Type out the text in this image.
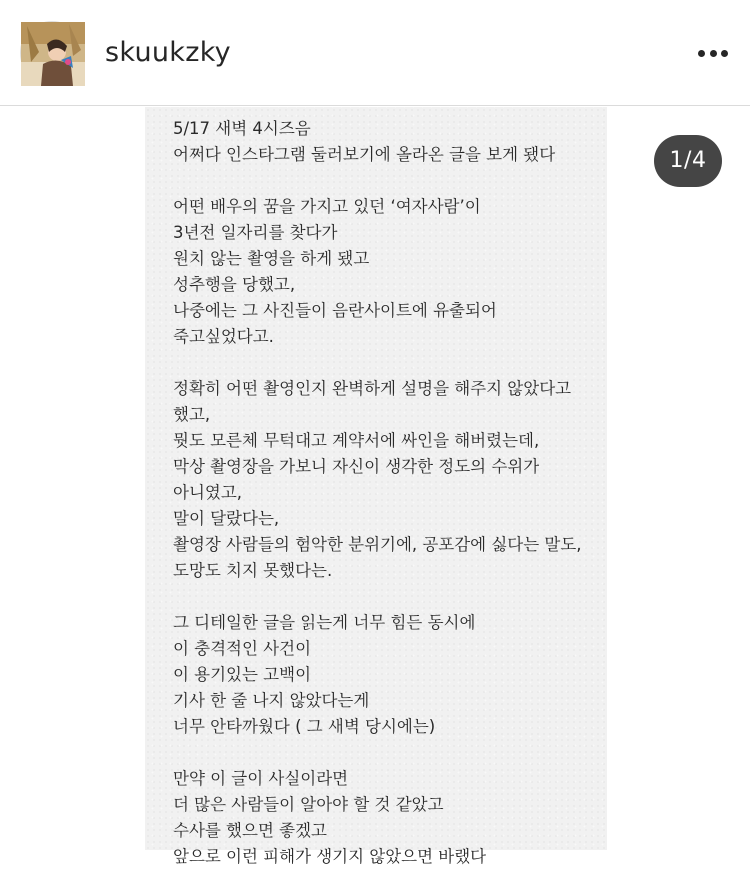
skuukzky
5/17 새벽 4시즈음
어쩌다 인스타그램 둘러보기에 올라온 글을 보게 됐다
어떤 배우의 꿈을 가지고 있던 ‘여자사람’이
3년전 일자리를 찾다가
원치 않는 촬영을 하게 됐고
성추행을 당했고,
나중에는 그 사진들이 음란사이트에 유출되어
죽고싶었다고.
정확히 어떤 촬영인지 완벽하게 설명을 해주지 않았다고
했고,
뭣도 모른체 무턱대고 계약서에 싸인을 해버렸는데,
막상 촬영장을 가보니 자신이 생각한 정도의 수위가
아니였고,
말이 달랐다는,
촬영장 사람들의 험악한 분위기에, 공포감에 싫다는 말도,
도망도 치지 못했다는.
그 디테일한 글을 읽는게 너무 힘든 동시에
이 충격적인 사건이
이 용기있는 고백이
기사 한 줄 나지 않았다는게
너무 안타까웠다 ( 그 새벽 당시에는)
만약 이 글이 사실이라면
더 많은 사람들이 알아야 할 것 같았고
수사를 했으면 좋겠고
앞으로 이런 피해가 생기지 않았으면 바랬다
1/4
